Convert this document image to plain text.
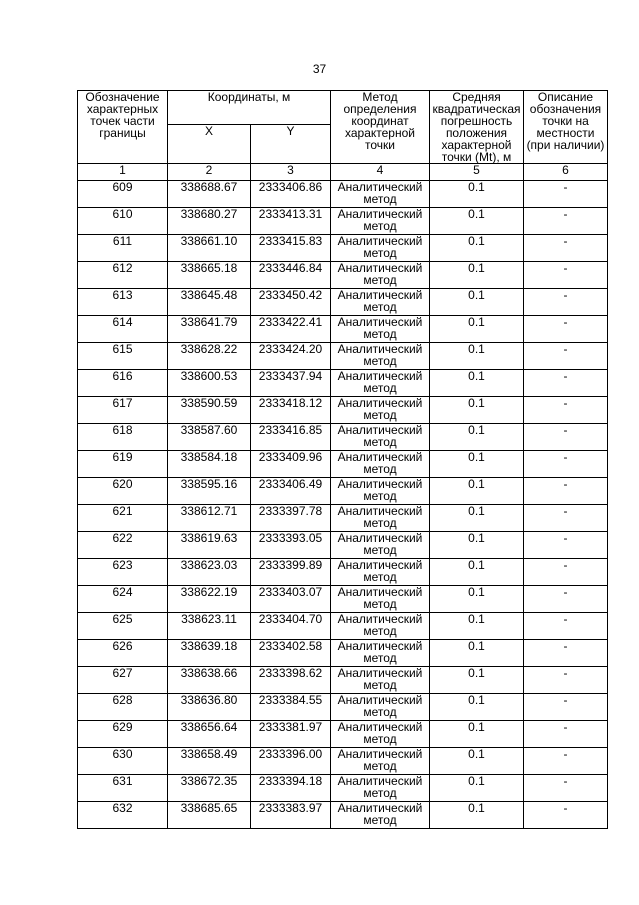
37
Обозначение характерных точек части границы	Координаты, м		Метод определения координат характерной точки	Средняя квадратическая погрешность положения характерной точки (Mt), м	Описание обозначения точки на местности (при наличии)
	X	Y			
1	2	3	4	5	6
609	338688.67	2333406.86	Аналитический метод	0.1	-
610	338680.27	2333413.31	Аналитический метод	0.1	-
611	338661.10	2333415.83	Аналитический метод	0.1	-
612	338665.18	2333446.84	Аналитический метод	0.1	-
613	338645.48	2333450.42	Аналитический метод	0.1	-
614	338641.79	2333422.41	Аналитический метод	0.1	-
615	338628.22	2333424.20	Аналитический метод	0.1	-
616	338600.53	2333437.94	Аналитический метод	0.1	-
617	338590.59	2333418.12	Аналитический метод	0.1	-
618	338587.60	2333416.85	Аналитический метод	0.1	-
619	338584.18	2333409.96	Аналитический метод	0.1	-
620	338595.16	2333406.49	Аналитический метод	0.1	-
621	338612.71	2333397.78	Аналитический метод	0.1	-
622	338619.63	2333393.05	Аналитический метод	0.1	-
623	338623.03	2333399.89	Аналитический метод	0.1	-
624	338622.19	2333403.07	Аналитический метод	0.1	-
625	338623.11	2333404.70	Аналитический метод	0.1	-
626	338639.18	2333402.58	Аналитический метод	0.1	-
627	338638.66	2333398.62	Аналитический метод	0.1	-
628	338636.80	2333384.55	Аналитический метод	0.1	-
629	338656.64	2333381.97	Аналитический метод	0.1	-
630	338658.49	2333396.00	Аналитический метод	0.1	-
631	338672.35	2333394.18	Аналитический метод	0.1	-
632	338685.65	2333383.97	Аналитический метод	0.1	-
